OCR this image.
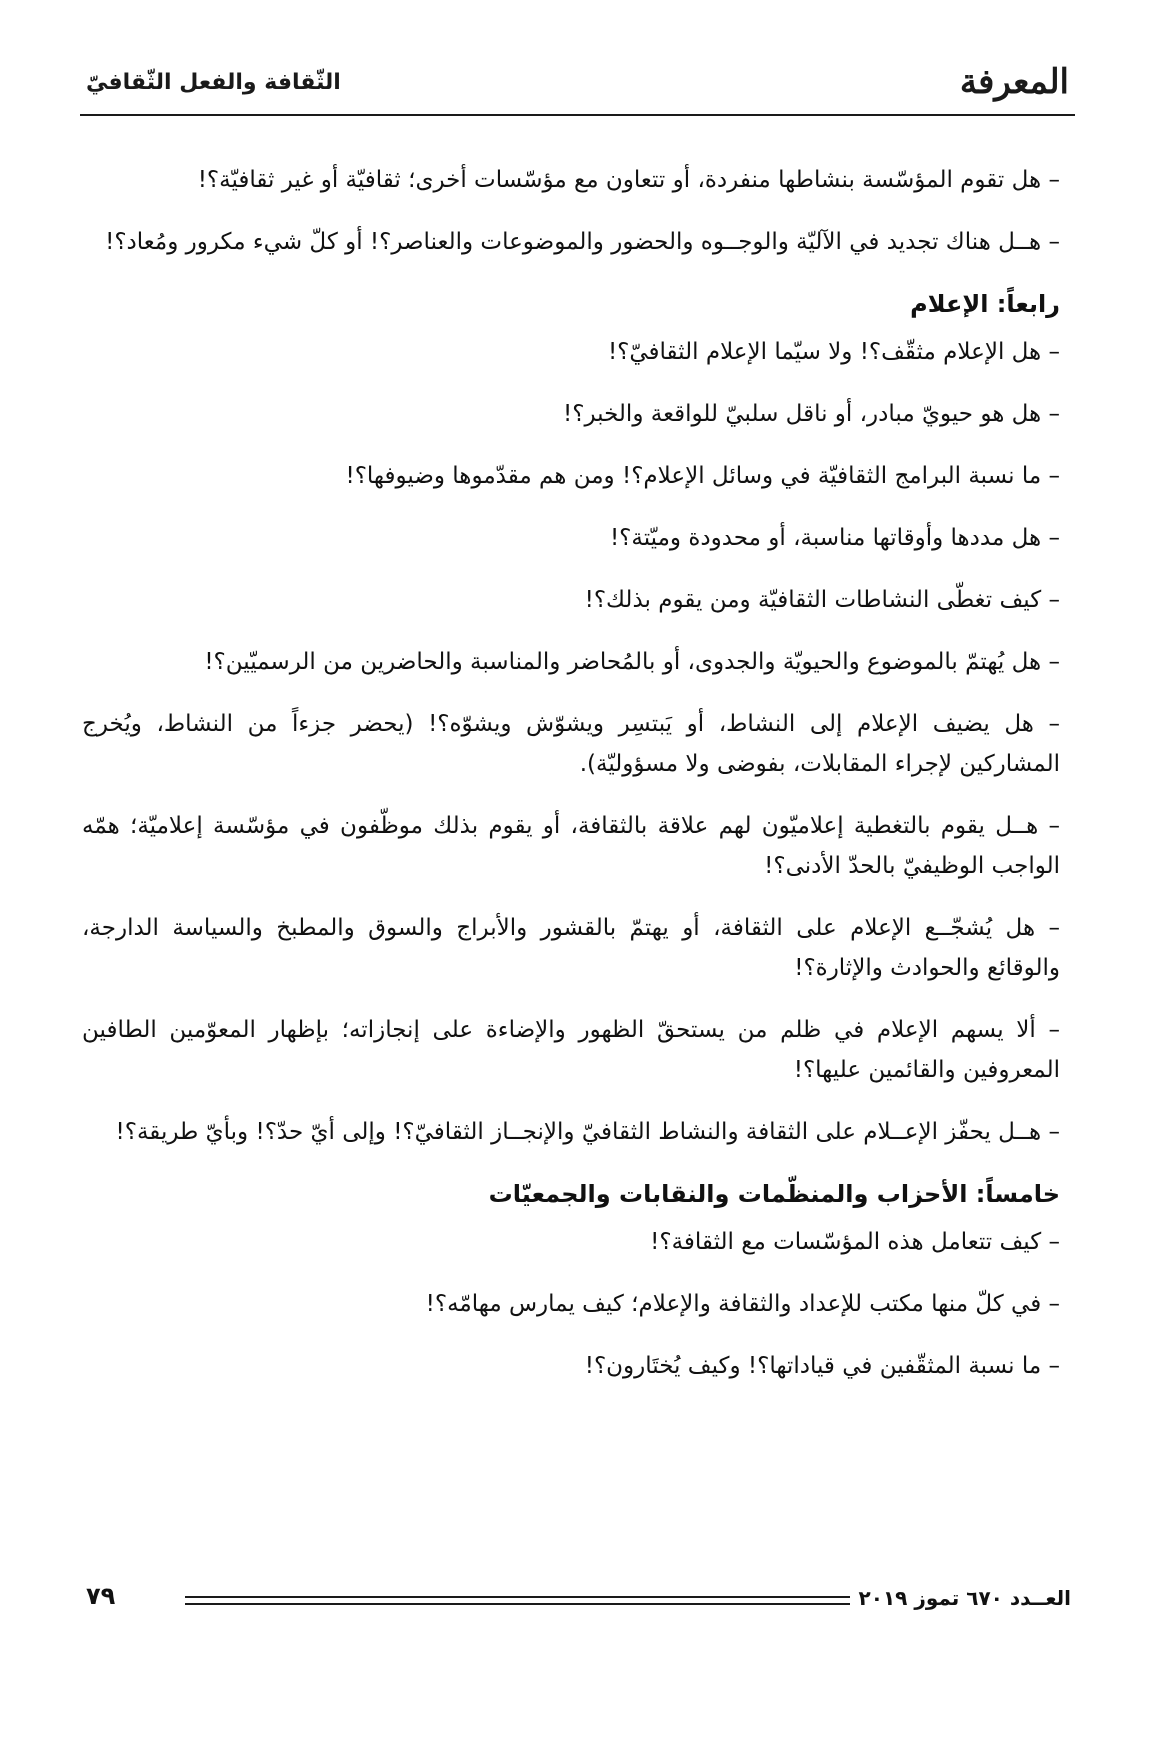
المعرفة
الثّقافة والفعل الثّقافيّ

– هل تقوم المؤسّسة بنشاطها منفردة، أو تتعاون مع مؤسّسات أخرى؛ ثقافيّة أو غير ثقافيّة؟!

– هــل هناك تجديد في الآليّة والوجــوه والحضور والموضوعات والعناصر؟! أو كلّ شيء مكرور ومُعاد؟!

رابعاً: الإعلام

– هل الإعلام مثقّف؟! ولا سيّما الإعلام الثقافيّ؟!

– هل هو حيويّ مبادر، أو ناقل سلبيّ للواقعة والخبر؟!

– ما نسبة البرامج الثقافيّة في وسائل الإعلام؟! ومن هم مقدّموها وضيوفها؟!

– هل مددها وأوقاتها مناسبة، أو محدودة وميّتة؟!

– كيف تغطّى النشاطات الثقافيّة ومن يقوم بذلك؟!

– هل يُهتمّ بالموضوع والحيويّة والجدوى، أو بالمُحاضر والمناسبة والحاضرين من الرسميّين؟!

– هل يضيف الإعلام إلى النشاط، أو يَبتسِر ويشوّش ويشوّه؟! (يحضر جزءاً من النشاط، ويُخرج المشاركين لإجراء المقابلات، بفوضى ولا مسؤوليّة).

– هــل يقوم بالتغطية إعلاميّون لهم علاقة بالثقافة، أو يقوم بذلك موظّفون في مؤسّسة إعلاميّة؛ همّه الواجب الوظيفيّ بالحدّ الأدنى؟!

– هل يُشجّــع الإعلام على الثقافة، أو يهتمّ بالقشور والأبراج والسوق والمطبخ والسياسة الدارجة، والوقائع والحوادث والإثارة؟!

– ألا يسهم الإعلام في ظلم من يستحقّ الظهور والإضاءة على إنجازاته؛ بإظهار المعوّمين الطافين المعروفين والقائمين عليها؟!

– هــل يحفّز الإعــلام على الثقافة والنشاط الثقافيّ والإنجــاز الثقافيّ؟! وإلى أيّ حدّ؟! وبأيّ طريقة؟!

خامساً: الأحزاب والمنظّمات والنقابات والجمعيّات

– كيف تتعامل هذه المؤسّسات مع الثقافة؟!

– في كلّ منها مكتب للإعداد والثقافة والإعلام؛ كيف يمارس مهامّه؟!

– ما نسبة المثقّفين في قياداتها؟! وكيف يُختَارون؟!

العــدد ٦٧٠ تموز ٢٠١٩
٧٩
